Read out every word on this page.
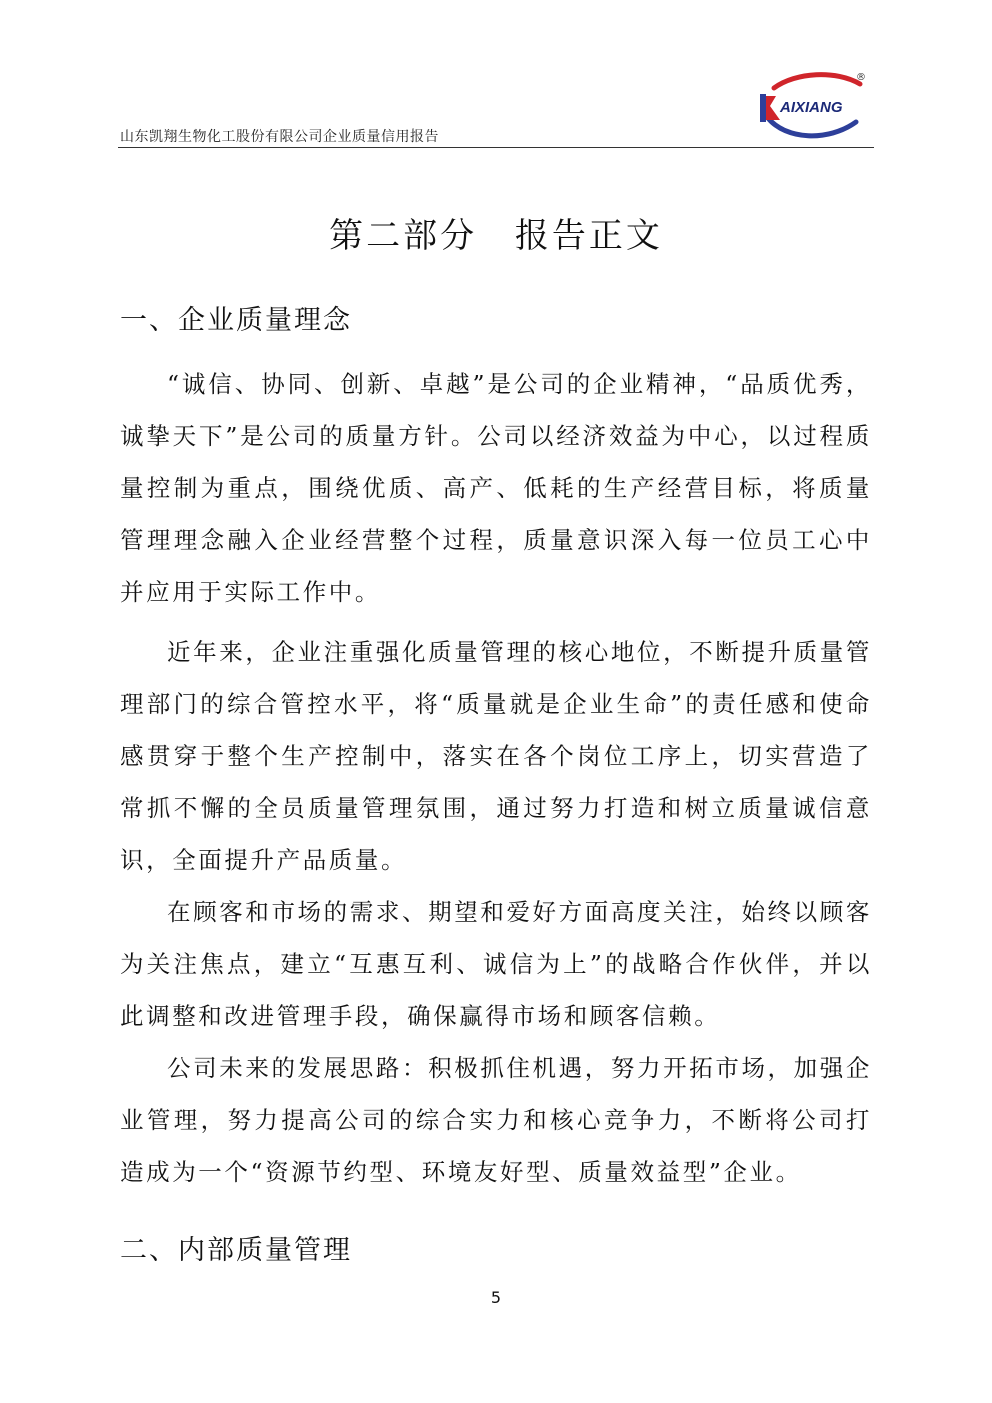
山东凯翔生物化工股份有限公司企业质量信用报告
AIXIANG
®
第二部分 报告正文
一、企业质量理念

“诚信、协同、创新、卓越”是公司的企业精神，“品质优秀，诚挚天下”是公司的质量方针。公司以经济效益为中心，以过程质量控制为重点，围绕优质、高产、低耗的生产经营目标，将质量管理理念融入企业经营整个过程，质量意识深入每一位员工心中并应用于实际工作中。

近年来，企业注重强化质量管理的核心地位，不断提升质量管理部门的综合管控水平，将“质量就是企业生命”的责任感和使命感贯穿于整个生产控制中，落实在各个岗位工序上，切实营造了常抓不懈的全员质量管理氛围，通过努力打造和树立质量诚信意识，全面提升产品质量。

在顾客和市场的需求、期望和爱好方面高度关注，始终以顾客为关注焦点，建立“互惠互利、诚信为上”的战略合作伙伴，并以此调整和改进管理手段，确保赢得市场和顾客信赖。

公司未来的发展思路：积极抓住机遇，努力开拓市场，加强企业管理，努力提高公司的综合实力和核心竞争力，不断将公司打造成为一个“资源节约型、环境友好型、质量效益型”企业。

二、内部质量管理
5
